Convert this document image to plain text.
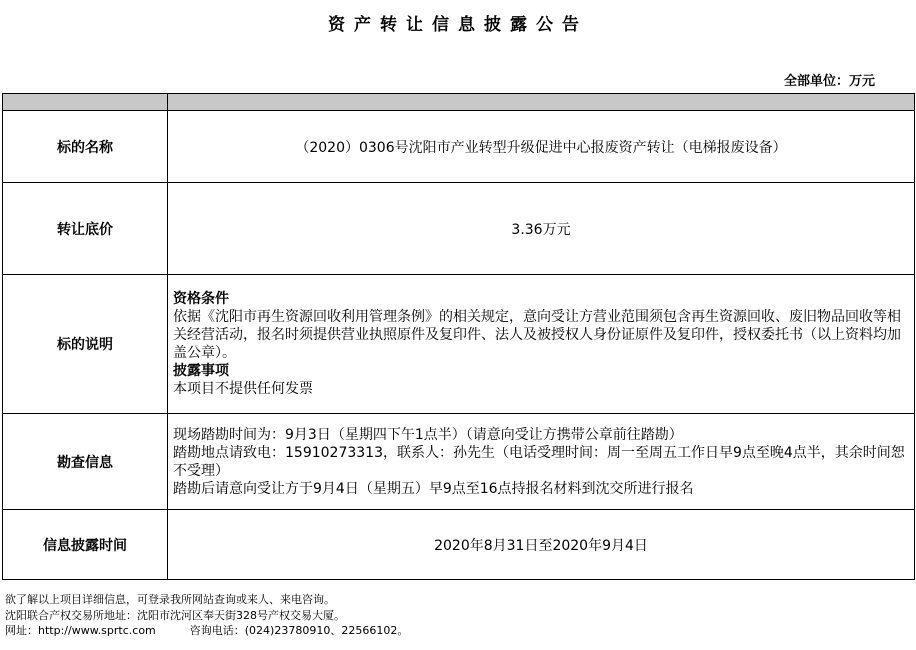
资产转让信息披露公告
全部单位：万元

标的名称	（2020）0306号沈阳市产业转型升级促进中心报废资产转让（电梯报废设备）
转让底价	3.36万元
标的说明	资格条件
依据《沈阳市再生资源回收利用管理条例》的相关规定，意向受让方营业范围须包含再生资源回收、废旧物品回收等相关经营活动，报名时须提供营业执照原件及复印件、法人及被授权人身份证原件及复印件，授权委托书（以上资料均加盖公章）。
披露事项
本项目不提供任何发票

勘查信息	现场踏勘时间为：9月3日（星期四下午1点半）（请意向受让方携带公章前往踏勘）
踏勘地点请致电：15910273313，联系人：孙先生（电话受理时间：周一至周五工作日早9点至晚4点半，其余时间恕不受理）
踏勘后请意向受让方于9月4日（星期五）早9点至16点持报名材料到沈交所进行报名

信息披露时间	2020年8月31日至2020年9月4日
欲了解以上项目详细信息，可登录我所网站查询或来人、来电咨询。
沈阳联合产权交易所地址：沈阳市沈河区奉天街328号产权交易大厦。
网址：http://www.sprtc.com	咨询电话：(024)23780910、22566102。
